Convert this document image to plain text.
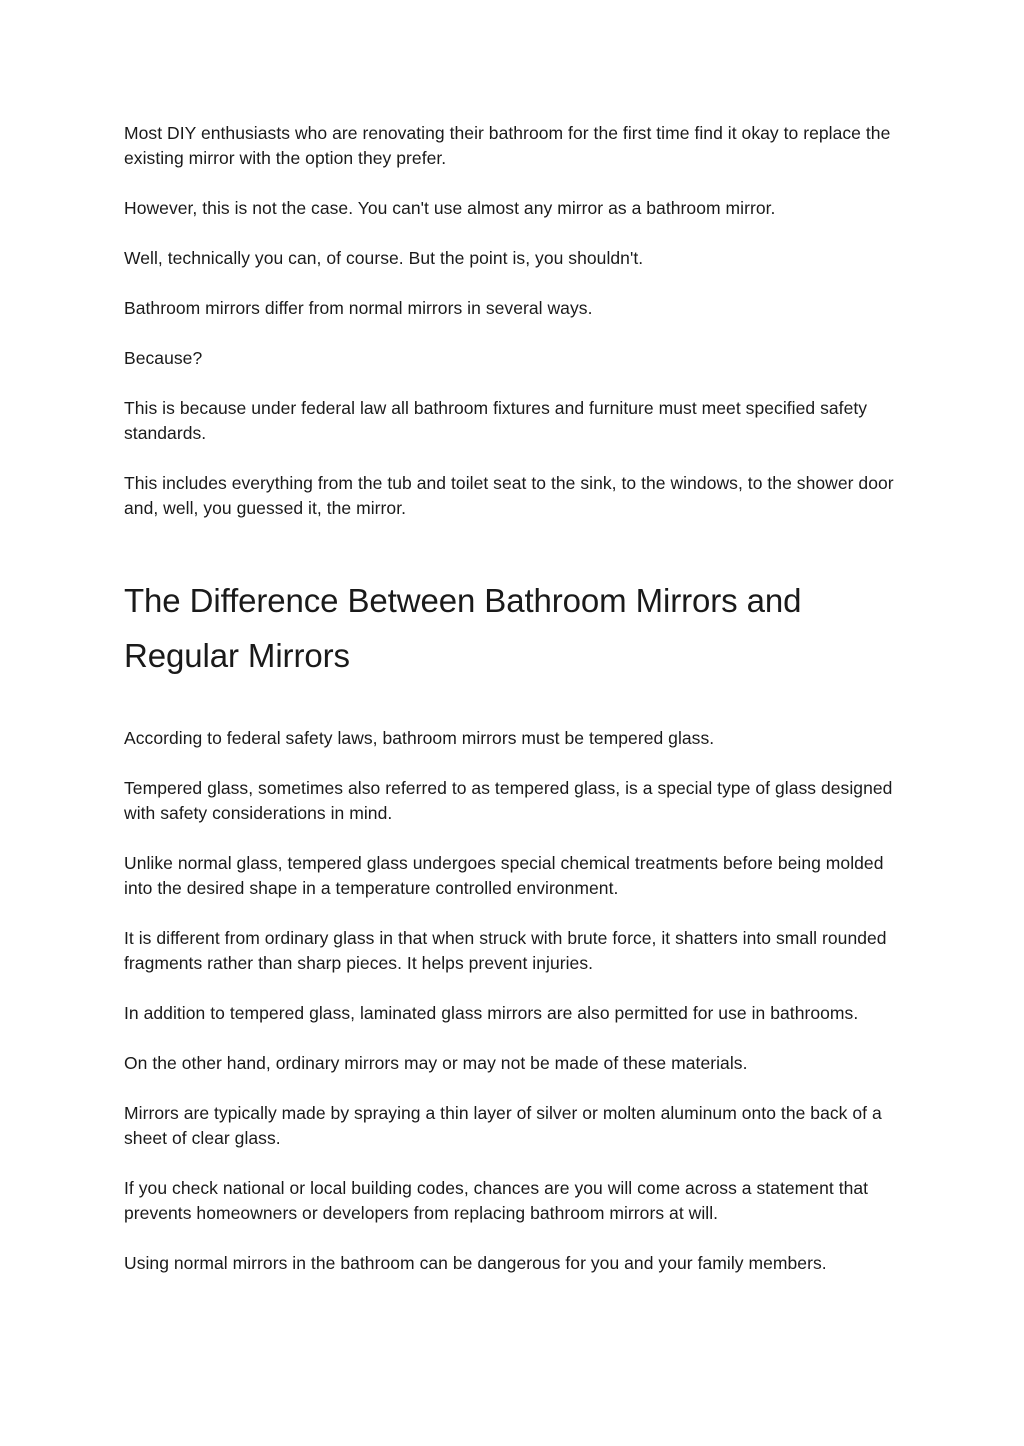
Most DIY enthusiasts who are renovating their bathroom for the first time find it okay to replace the existing mirror with the option they prefer.

However, this is not the case. You can't use almost any mirror as a bathroom mirror.

Well, technically you can, of course. But the point is, you shouldn't.

Bathroom mirrors differ from normal mirrors in several ways.

Because?

This is because under federal law all bathroom fixtures and furniture must meet specified safety standards.

This includes everything from the tub and toilet seat to the sink, to the windows, to the shower door and, well, you guessed it, the mirror.

The Difference Between Bathroom Mirrors and Regular Mirrors

According to federal safety laws, bathroom mirrors must be tempered glass.

Tempered glass, sometimes also referred to as tempered glass, is a special type of glass designed with safety considerations in mind.

Unlike normal glass, tempered glass undergoes special chemical treatments before being molded into the desired shape in a temperature controlled environment.

It is different from ordinary glass in that when struck with brute force, it shatters into small rounded fragments rather than sharp pieces. It helps prevent injuries.

In addition to tempered glass, laminated glass mirrors are also permitted for use in bathrooms.

On the other hand, ordinary mirrors may or may not be made of these materials.

Mirrors are typically made by spraying a thin layer of silver or molten aluminum onto the back of a sheet of clear glass.

If you check national or local building codes, chances are you will come across a statement that prevents homeowners or developers from replacing bathroom mirrors at will.

Using normal mirrors in the bathroom can be dangerous for you and your family members.
